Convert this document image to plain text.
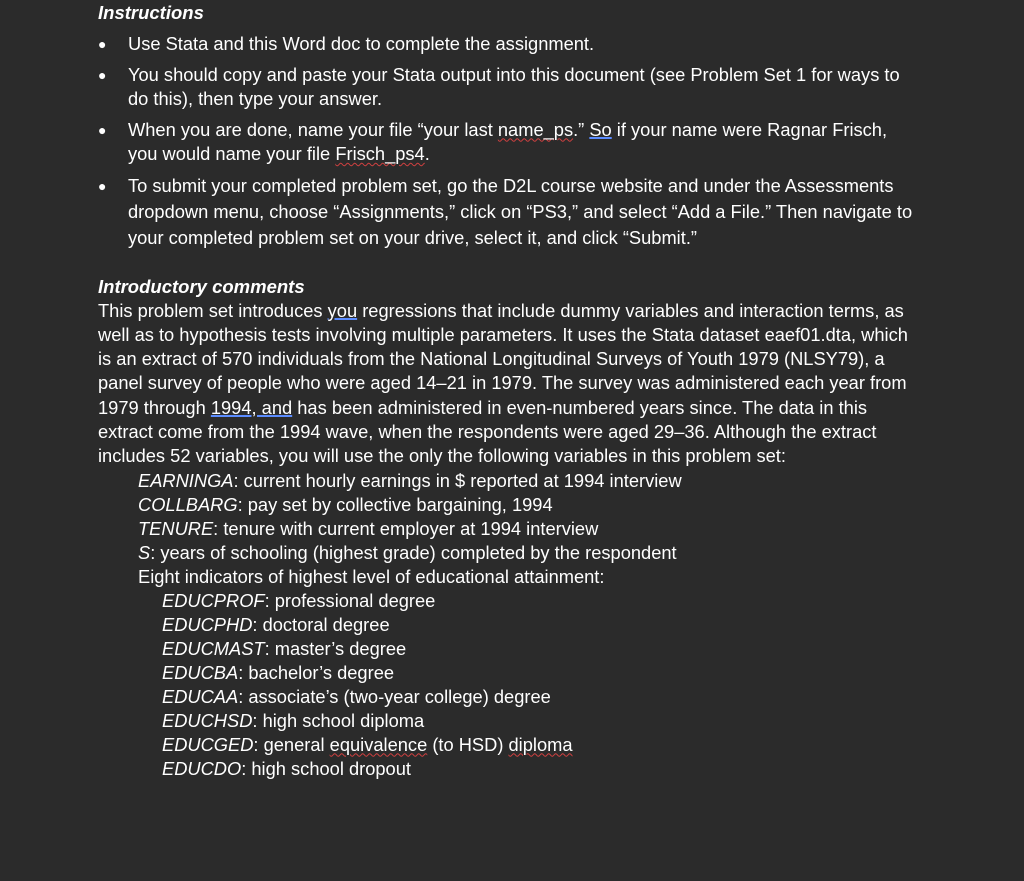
Instructions

● Use Stata and this Word doc to complete the assignment.
● You should copy and paste your Stata output into this document (see Problem Set 1 for ways to do this), then type your answer.
● When you are done, name your file “your last name_ps.” So if your name were Ragnar Frisch, you would name your file Frisch_ps4.
● To submit your completed problem set, go the D2L course website and under the Assessments dropdown menu, choose “Assignments,” click on “PS3,” and select “Add a File.” Then navigate to your completed problem set on your drive, select it, and click “Submit.”

Introductory comments

This problem set introduces you regressions that include dummy variables and interaction terms, as well as to hypothesis tests involving multiple parameters. It uses the Stata dataset eaef01.dta, which is an extract of 570 individuals from the National Longitudinal Surveys of Youth 1979 (NLSY79), a panel survey of people who were aged 14–21 in 1979. The survey was administered each year from 1979 through 1994, and has been administered in even-numbered years since. The data in this extract come from the 1994 wave, when the respondents were aged 29–36. Although the extract includes 52 variables, you will use the only the following variables in this problem set:

EARNINGA: current hourly earnings in $ reported at 1994 interview
COLLBARG: pay set by collective bargaining, 1994
TENURE: tenure with current employer at 1994 interview
S: years of schooling (highest grade) completed by the respondent
Eight indicators of highest level of educational attainment:
EDUCPROF: professional degree
EDUCPHD: doctoral degree
EDUCMAST: master’s degree
EDUCBA: bachelor’s degree
EDUCAA: associate’s (two-year college) degree
EDUCHSD: high school diploma
EDUCGED: general equivalence (to HSD) diploma
EDUCDO: high school dropout
